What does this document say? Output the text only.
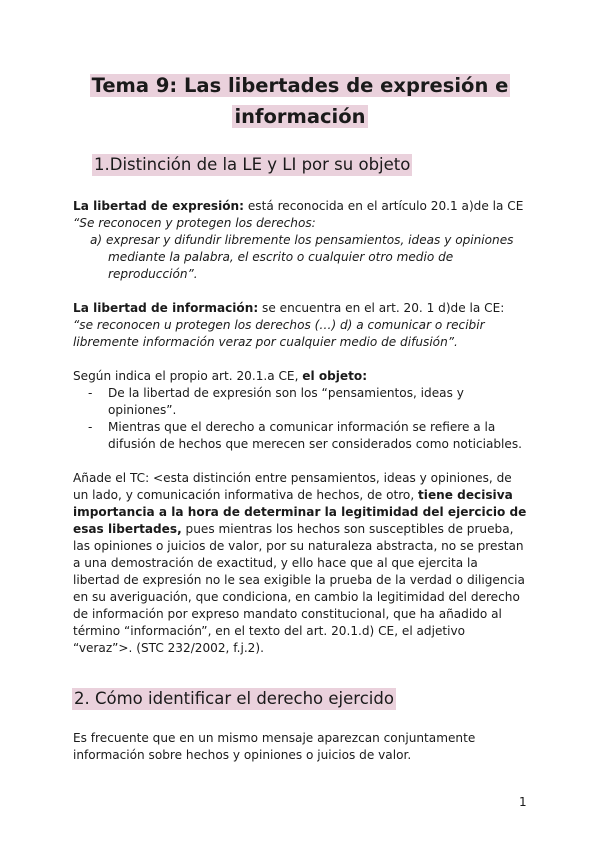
Tema 9: Las libertades de expresión e
información
1.Distinción de la LE y LI por su objeto

La libertad de expresión: está reconocida en el artículo 20.1 a)de la CE

“Se reconocen y protegen los derechos:

a) expresar y difundir libremente los pensamientos, ideas y opiniones
mediante la palabra, el escrito o cualquier otro medio de
reproducción”.

La libertad de información: se encuentra en el art. 20. 1 d)de la CE:

“se reconocen u protegen los derechos (…) d) a comunicar o recibir

libremente información veraz por cualquier medio de difusión”.

Según indica el propio art. 20.1.a CE, el objeto:

- De la libertad de expresión son los “pensamientos, ideas y
opiniones”.
- Mientras que el derecho a comunicar información se refiere a la
difusión de hechos que merecen ser considerados como noticiables.

Añade el TC: <esta distinción entre pensamientos, ideas y opiniones, de

un lado, y comunicación informativa de hechos, de otro, tiene decisiva

importancia a la hora de determinar la legitimidad del ejercicio de

esas libertades, pues mientras los hechos son susceptibles de prueba,

las opiniones o juicios de valor, por su naturaleza abstracta, no se prestan

a una demostración de exactitud, y ello hace que al que ejercita la

libertad de expresión no le sea exigible la prueba de la verdad o diligencia

en su averiguación, que condiciona, en cambio la legitimidad del derecho

de información por expreso mandato constitucional, que ha añadido al

término “información”, en el texto del art. 20.1.d) CE, el adjetivo

“veraz”>. (STC 232/2002, f.j.2).

2. Cómo identificar el derecho ejercido

Es frecuente que en un mismo mensaje aparezcan conjuntamente

información sobre hechos y opiniones o juicios de valor.

1
